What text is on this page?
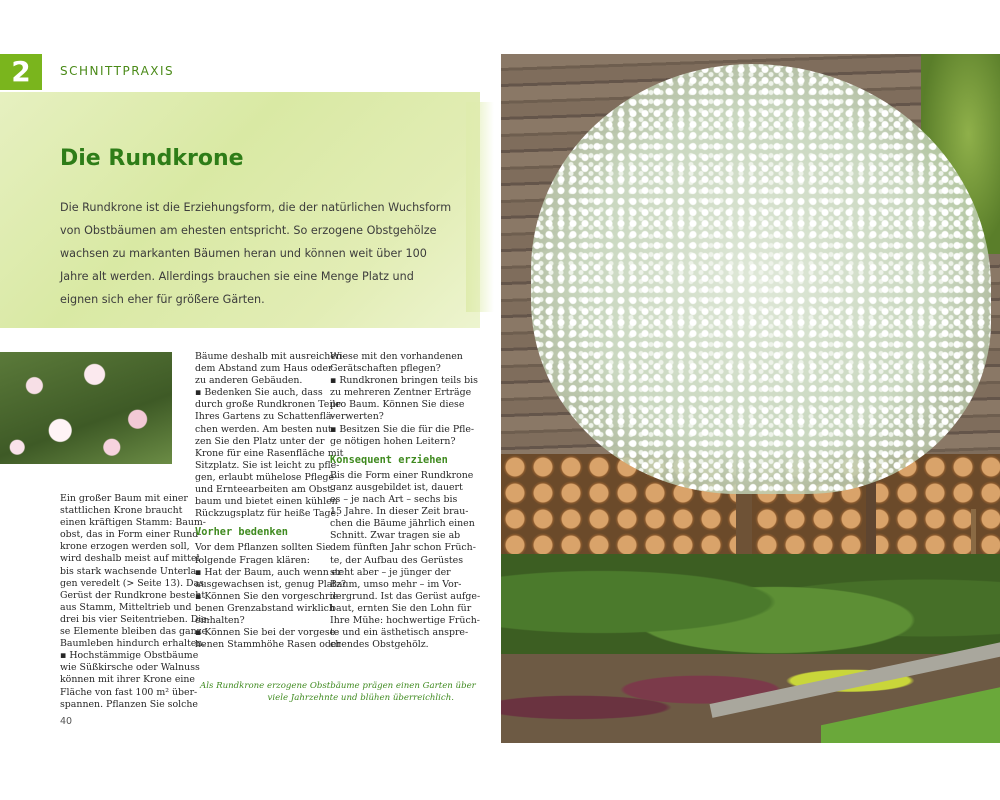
2	SCHNITTPRAXIS
Die Rundkrone

Die Rundkrone ist die Erziehungsform, die der natürlichen Wuchsform von Obstbäumen am ehesten entspricht. So erzogene Obstgehölze wachsen zu markanten Bäumen heran und können weit über 100 Jahre alt werden. Allerdings brauchen sie eine Menge Platz und eignen sich eher für größere Gärten.

Ein großer Baum mit einer

stattlichen Krone braucht

einen kräftigen Stamm: Baum-

obst, das in Form einer Rund-

krone erzogen werden soll,

wird deshalb meist auf mittel

bis stark wachsende Unterla-

gen veredelt (> Seite 13). Das

Gerüst der Rundkrone besteht

aus Stamm, Mitteltrieb und

drei bis vier Seitentrieben. Die-

se Elemente bleiben das ganze

Baumleben hindurch erhalten.

▪ Hochstämmige Obstbäume

wie Süßkirsche oder Walnuss

können mit ihrer Krone eine

Fläche von fast 100 m² über-

spannen. Pflanzen Sie solche

Bäume deshalb mit ausreichen-

dem Abstand zum Haus oder

zu anderen Gebäuden.

▪ Bedenken Sie auch, dass

durch große Rundkronen Teile

Ihres Gartens zu Schattenflä-

chen werden. Am besten nut-

zen Sie den Platz unter der

Krone für eine Rasenfläche mit

Sitzplatz. Sie ist leicht zu pfle-

gen, erlaubt mühelose Pflege-

und Ernteearbeiten am Obst-

baum und bietet einen kühlen

Rückzugsplatz für heiße Tage.

Vorher bedenken

Vor dem Pflanzen sollten Sie

folgende Fragen klären:

▪ Hat der Baum, auch wenn er

ausgewachsen ist, genug Platz?

▪ Können Sie den vorgeschrie-

benen Grenzabstand wirklich

einhalten?

▪ Können Sie bei der vorgese-

henen Stammhöhe Rasen oder

Wiese mit den vorhandenen

Gerätschaften pflegen?

▪ Rundkronen bringen teils bis

zu mehreren Zentner Erträge

pro Baum. Können Sie diese

verwerten?

▪ Besitzen Sie die für die Pfle-

ge nötigen hohen Leitern?

Konsequent erziehen

Bis die Form einer Rundkrone

ganz ausgebildet ist, dauert

es – je nach Art – sechs bis

15 Jahre. In dieser Zeit brau-

chen die Bäume jährlich einen

Schnitt. Zwar tragen sie ab

dem fünften Jahr schon Früch-

te, der Aufbau des Gerüstes

steht aber – je jünger der

Baum, umso mehr – im Vor-

dergrund. Ist das Gerüst aufge-

baut, ernten Sie den Lohn für

Ihre Mühe: hochwertige Früch-

te und ein ästhetisch anspre-

chendes Obstgehölz.

Als Rundkrone erzogene Obstbäume prägen einen Garten über

viele Jahrzehnte und blühen überreichlich.

40
